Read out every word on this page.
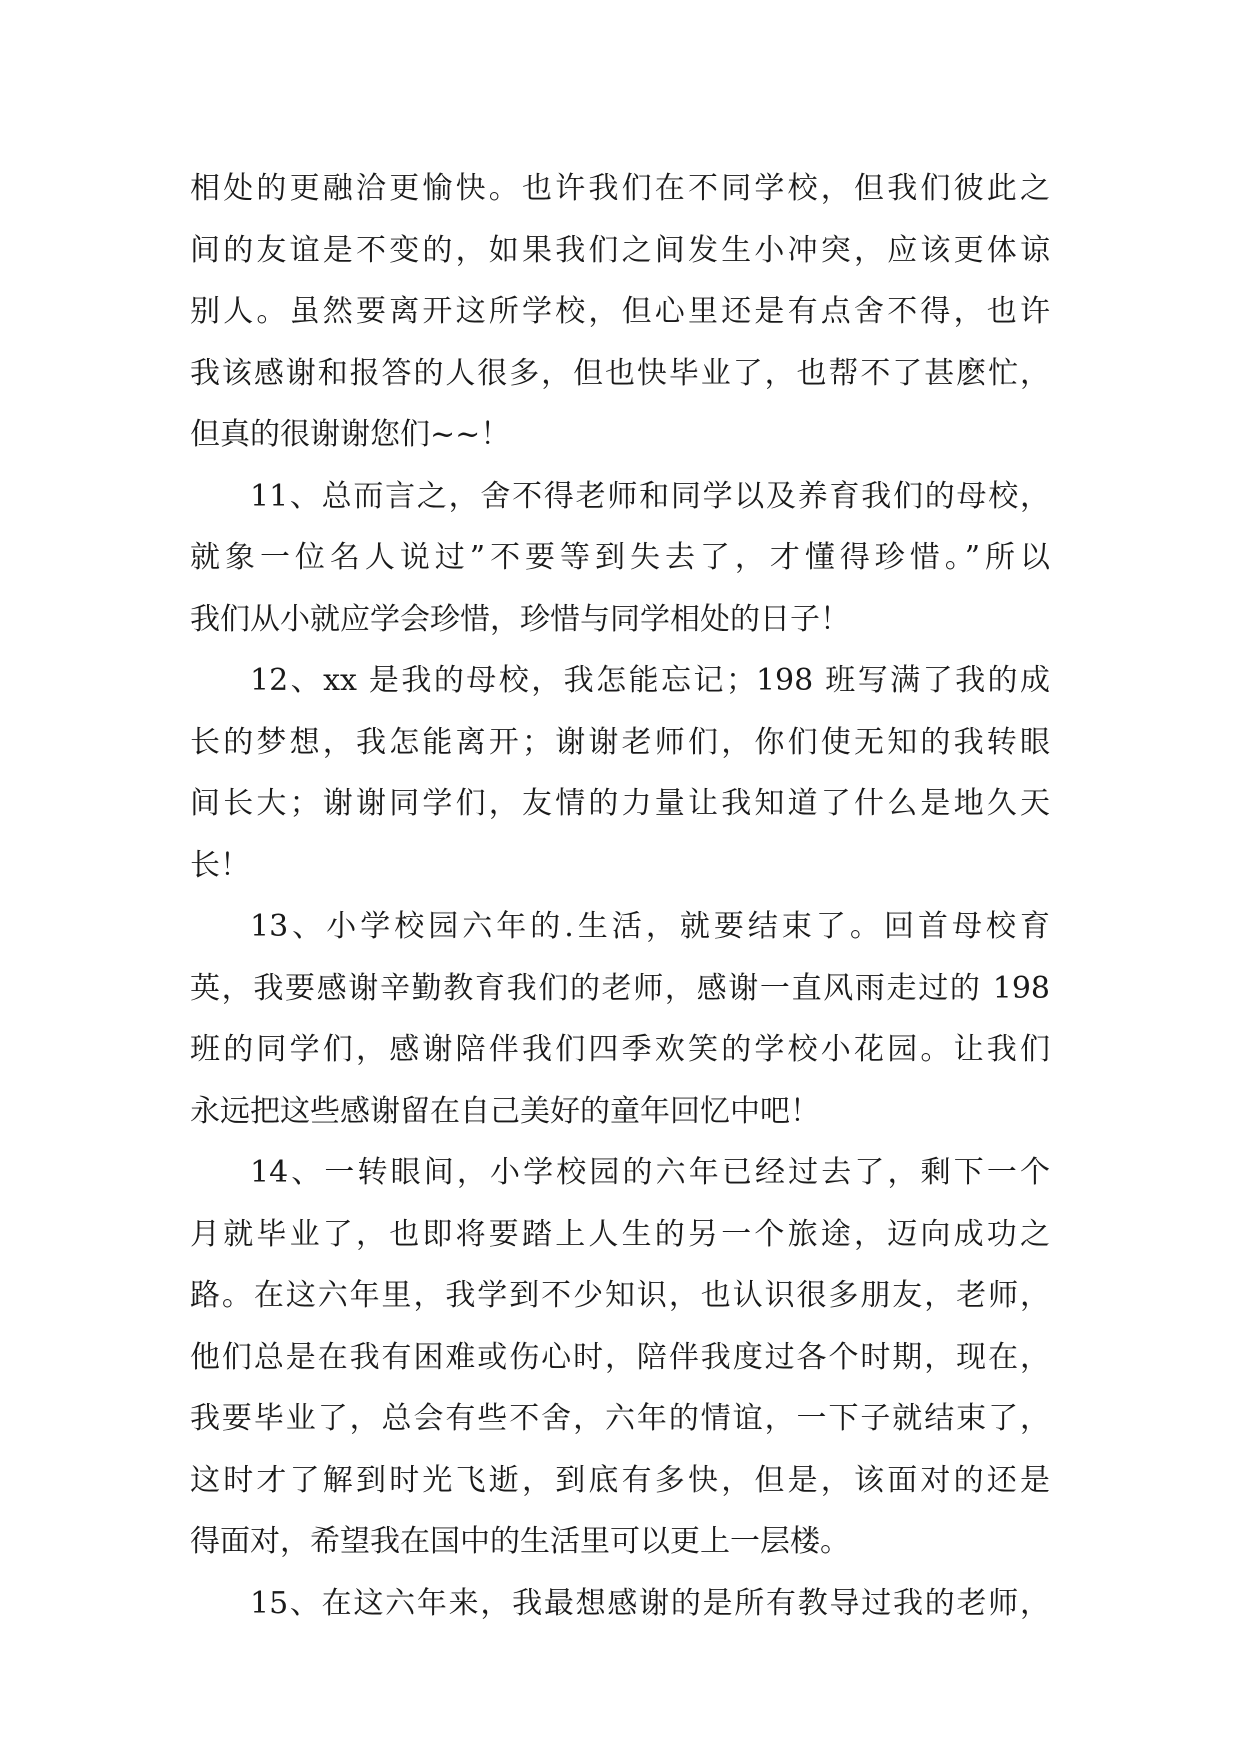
相处的更融洽更愉快。也许我们在不同学校，但我们彼此之
间的友谊是不变的，如果我们之间发生小冲突，应该更体谅
别人。虽然要离开这所学校，但心里还是有点舍不得，也许
我该感谢和报答的人很多，但也快毕业了，也帮不了甚麽忙，
但真的很谢谢您们~~！
11、总而言之，舍不得老师和同学以及养育我们的母校，
就象一位名人说过”不要等到失去了，才懂得珍惜。”所以
我们从小就应学会珍惜，珍惜与同学相处的日子！
12、xx 是我的母校，我怎能忘记；198 班写满了我的成
长的梦想，我怎能离开；谢谢老师们，你们使无知的我转眼
间长大；谢谢同学们，友情的力量让我知道了什么是地久天
长！
13、小学校园六年的.生活，就要结束了。回首母校育
英，我要感谢辛勤教育我们的老师，感谢一直风雨走过的 198
班的同学们，感谢陪伴我们四季欢笑的学校小花园。让我们
永远把这些感谢留在自己美好的童年回忆中吧！
14、一转眼间，小学校园的六年已经过去了，剩下一个
月就毕业了，也即将要踏上人生的另一个旅途，迈向成功之
路。在这六年里，我学到不少知识，也认识很多朋友，老师，
他们总是在我有困难或伤心时，陪伴我度过各个时期，现在，
我要毕业了，总会有些不舍，六年的情谊，一下子就结束了，
这时才了解到时光飞逝，到底有多快，但是，该面对的还是
得面对，希望我在国中的生活里可以更上一层楼。
15、在这六年来，我最想感谢的是所有教导过我的老师，
